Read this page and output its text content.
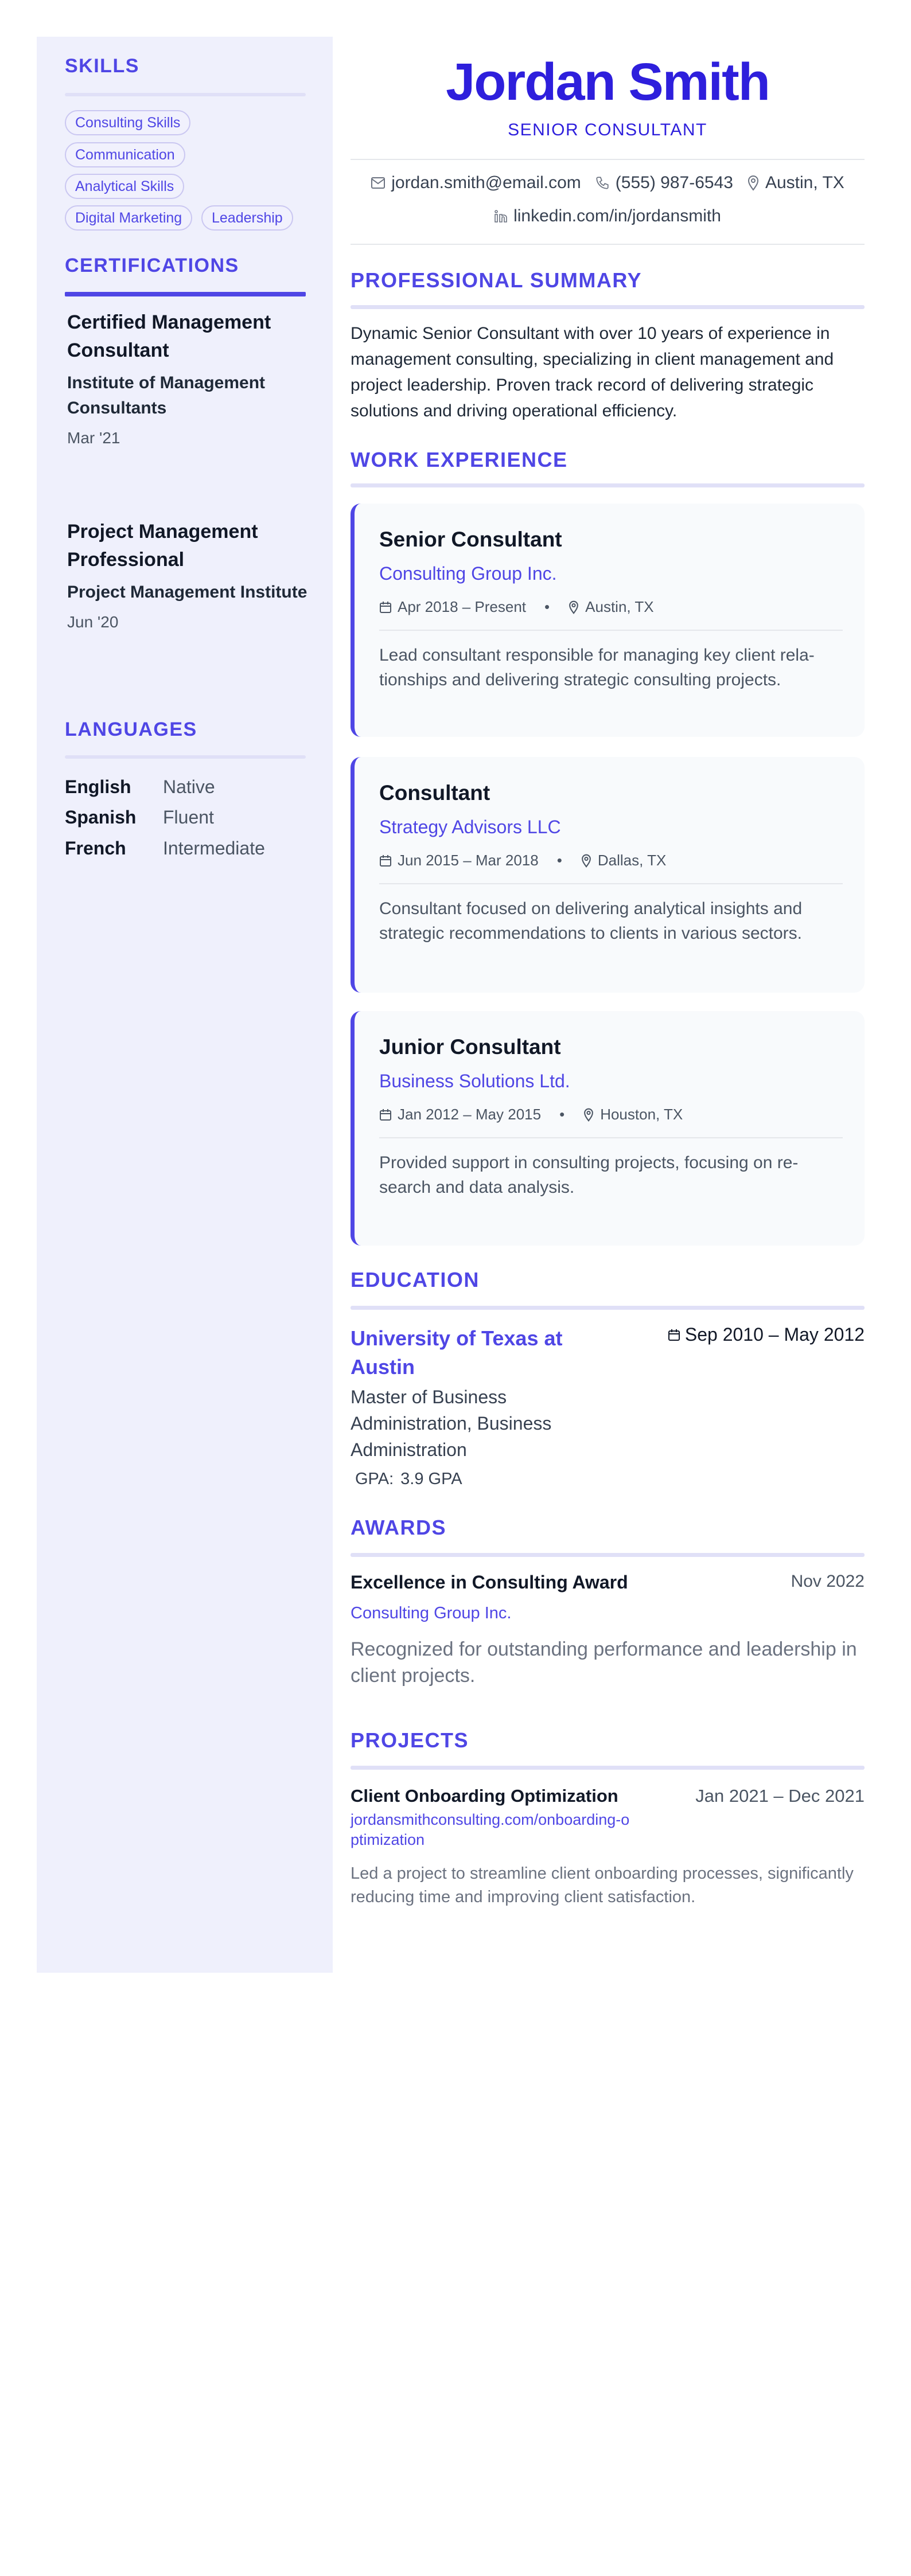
SKILLS
Consulting Skills
Communication
Analytical Skills
Digital Marketing	Leadership
CERTIFICATIONS
Certified Management Consultant
Institute of Management Consultants
Mar '21
Project Management Professional
Project Management Institute
Jun '20
LANGUAGES
English Native
Spanish Fluent
French Intermediate
Jordan Smith
SENIOR CONSULTANT
jordan.smith@email.com (555) 987-6543 Austin, TX
linkedin.com/in/jordansmith
PROFESSIONAL SUMMARY
Dynamic Senior Consultant with over 10 years of experience in management consulting, specializing in client management and project leadership. Proven track record of delivering strategic solutions and driving operational efficiency.
WORK EXPERIENCE
Senior Consultant
Consulting Group Inc.
Apr 2018 – Present • Austin, TX
Lead consultant responsible for managing key client relationships and delivering strategic consulting projects.
Consultant
Strategy Advisors LLC
Jun 2015 – Mar 2018 • Dallas, TX
Consultant focused on delivering analytical insights and strategic recommendations to clients in various sectors.
Junior Consultant
Business Solutions Ltd.
Jan 2012 – May 2015 • Houston, TX
Provided support in consulting projects, focusing on research and data analysis.
EDUCATION
University of Texas at Austin
Master of Business Administration, Business Administration
GPA: 3.9 GPA
Sep 2010 – May 2012
AWARDS
Excellence in Consulting Award	Nov 2022
Consulting Group Inc.
Recognized for outstanding performance and leadership in client projects.
PROJECTS
Client Onboarding Optimization	Jan 2021 – Dec 2021
jordansmithconsulting.com/onboarding-optimization
Led a project to streamline client onboarding processes, significantly reducing time and improving client satisfaction.
